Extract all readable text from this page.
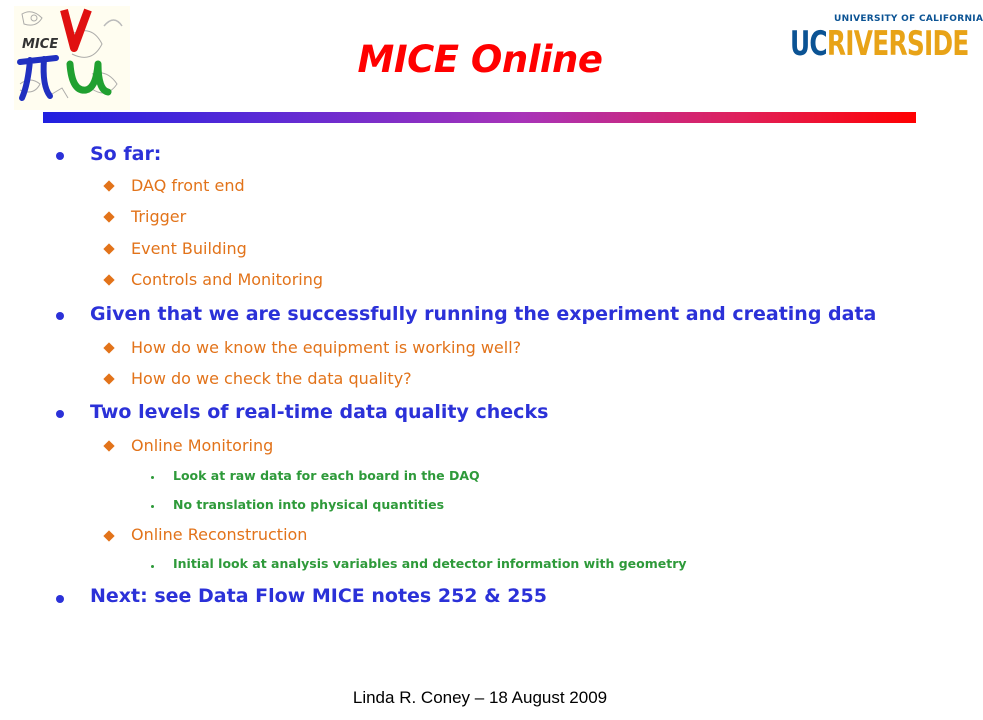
MICE
UNIVERSITY OF CALIFORNIA
UCRIVERSIDE
MICE Online
So far:
DAQ front end
Trigger
Event Building
Controls and Monitoring
Given that we are successfully running the experiment and creating data
How do we know the equipment is working well?
How do we check the data quality?
Two levels of real-time data quality checks
Online Monitoring
Look at raw data for each board in the DAQ
No translation into physical quantities
Online Reconstruction
Initial look at analysis variables and detector information with geometry
Next: see Data Flow MICE notes 252 & 255
Linda R. Coney – 18 August 2009
